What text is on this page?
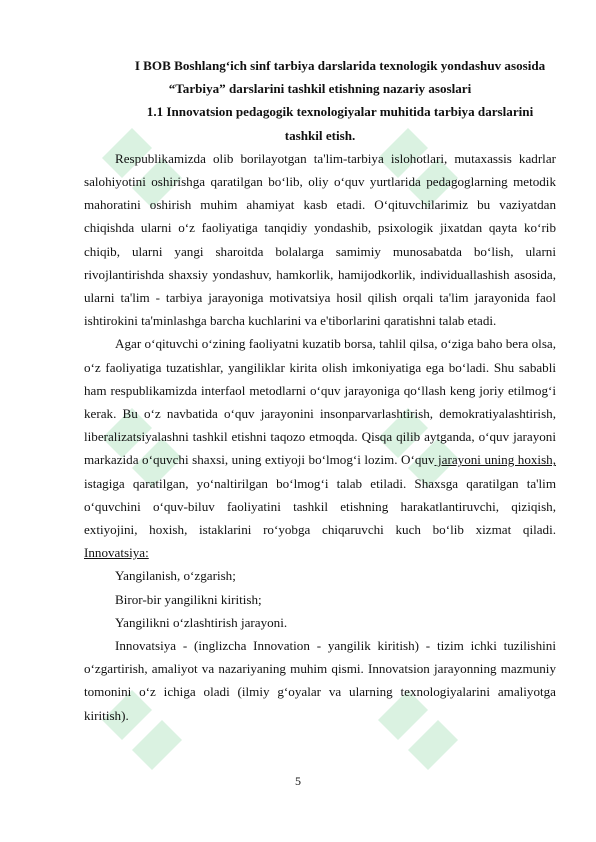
I BOB Boshlang‘ich sinf tarbiya darslarida texnologik yondashuv asosida
“Tarbiya” darslarini tashkil etishning nazariy asoslari
1.1 Innovatsion pedagogik texnologiyalar muhitida tarbiya darslarini
tashkil etish.

Respublikamizda olib borilayotgan ta'lim-tarbiya islohotlari, mutaxassis kadrlar salohiyotini oshirishga qaratilgan bo‘lib, oliy o‘quv yurtlarida pedagoglarning metodik mahoratini oshirish muhim ahamiyat kasb etadi. O‘qituvchilarimiz bu vaziyatdan chiqishda ularni o‘z faoliyatiga tanqidiy yondashib, psixologik jixatdan qayta ko‘rib chiqib, ularni yangi sharoitda bolalarga samimiy munosabatda bo‘lish, ularni rivojlantirishda shaxsiy yondashuv, hamkorlik, hamijodkorlik, individuallashish asosida, ularni ta'lim - tarbiya jarayoniga motivatsiya hosil qilish orqali ta'lim jarayonida faol ishtirokini ta'minlashga barcha kuchlarini va e'tiborlarini qaratishni talab etadi.

Agar o‘qituvchi o‘zining faoliyatni kuzatib borsa, tahlil qilsa, o‘ziga baho bera olsa, o‘z faoliyatiga tuzatishlar, yangiliklar kirita olish imkoniyatiga ega bo‘ladi. Shu sababli ham respublikamizda interfaol metodlarni o‘quv jarayoniga qo‘llash keng joriy etilmog‘i kerak. Bu o‘z navbatida o‘quv jarayonini insonparvarlashtirish, demokratiyalashtirish, liberalizatsiyalashni tashkil etishni taqozo etmoqda. Qisqa qilib aytganda, o‘quv jarayoni markazida o‘quvchi shaxsi, uning extiyoji bo‘lmog‘i lozim. O‘quv jarayoni uning hoxish, istagiga qaratilgan, yo‘naltirilgan bo‘lmog‘i talab etiladi. Shaxsga qaratilgan ta'lim o‘quvchini o‘quv-biluv faoliyatini tashkil etishning harakatlantiruvchi, qiziqish, extiyojini, hoxish, istaklarini ro‘yobga chiqaruvchi kuch bo‘lib xizmat qiladi. Innovatsiya:

Yangilanish, o‘zgarish;

Biror-bir yangilikni kiritish;

Yangilikni o‘zlashtirish jarayoni.

Innovatsiya - (inglizcha Innovation - yangilik kiritish) - tizim ichki tuzilishini o‘zgartirish, amaliyot va nazariyaning muhim qismi. Innovatsion jarayonning mazmuniy tomonini o‘z ichiga oladi (ilmiy g‘oyalar va ularning texnologiyalarini amaliyotga kiritish).

5
